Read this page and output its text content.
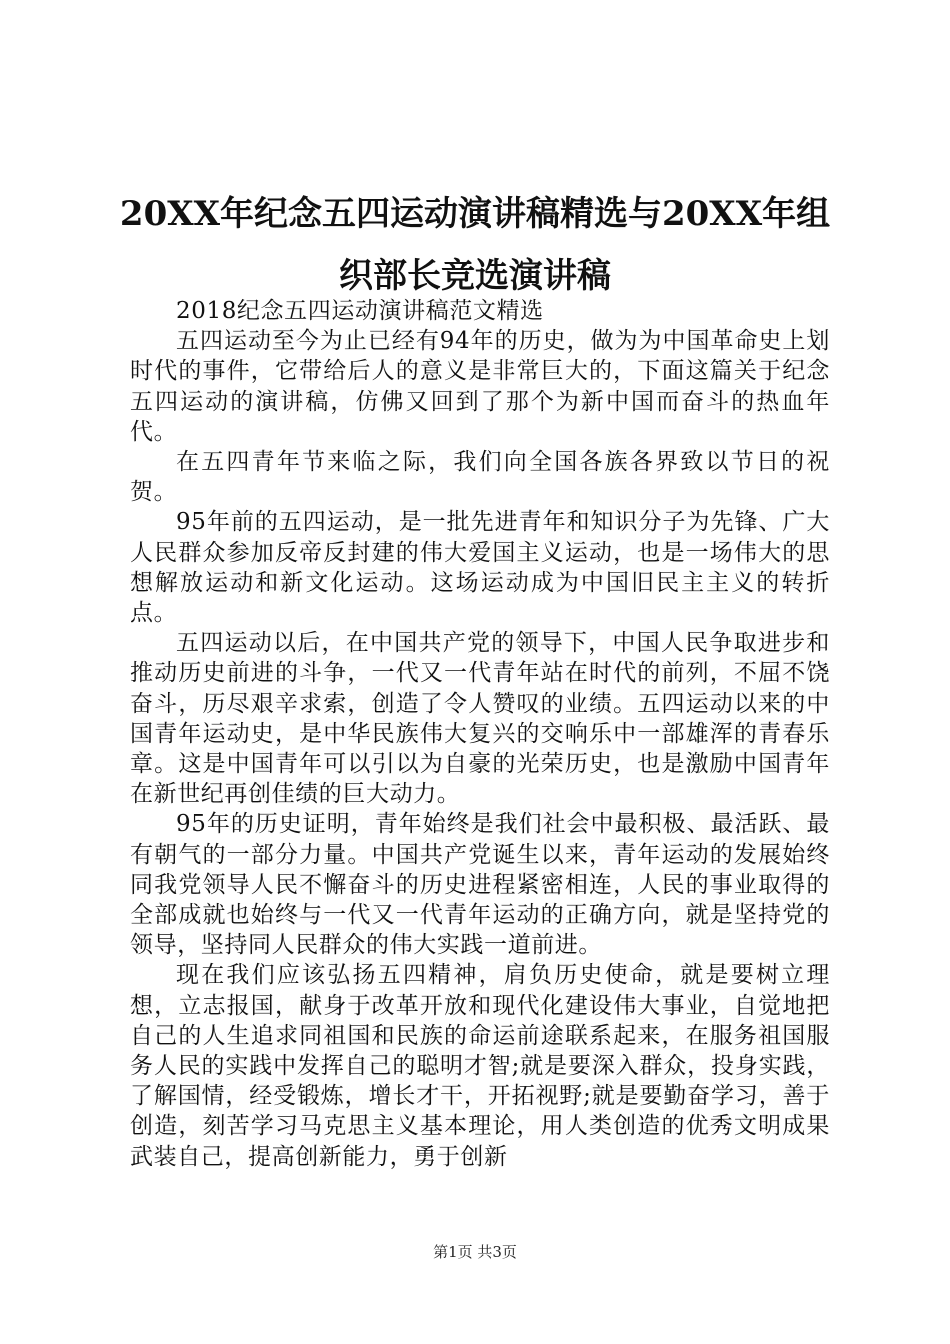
20XX年纪念五四运动演讲稿精选与20XX年组
织部长竞选演讲稿

2018纪念五四运动演讲稿范文精选

五四运动至今为止已经有94年的历史，做为为中国革命史上划时代的事件，它带给后人的意义是非常巨大的，下面这篇关于纪念五四运动的演讲稿，仿佛又回到了那个为新中国而奋斗的热血年代。

在五四青年节来临之际，我们向全国各族各界致以节日的祝贺。

95年前的五四运动，是一批先进青年和知识分子为先锋、广大人民群众参加反帝反封建的伟大爱国主义运动，也是一场伟大的思想解放运动和新文化运动。这场运动成为中国旧民主主义的转折点。

五四运动以后，在中国共产党的领导下，中国人民争取进步和推动历史前进的斗争，一代又一代青年站在时代的前列，不屈不饶奋斗，历尽艰辛求索，创造了令人赞叹的业绩。五四运动以来的中国青年运动史，是中华民族伟大复兴的交响乐中一部雄浑的青春乐章。这是中国青年可以引以为自豪的光荣历史，也是激励中国青年在新世纪再创佳绩的巨大动力。

95年的历史证明，青年始终是我们社会中最积极、最活跃、最有朝气的一部分力量。中国共产党诞生以来，青年运动的发展始终同我党领导人民不懈奋斗的历史进程紧密相连，人民的事业取得的全部成就也始终与一代又一代青年运动的正确方向，就是坚持党的领导，坚持同人民群众的伟大实践一道前进。

现在我们应该弘扬五四精神，肩负历史使命，就是要树立理想，立志报国，献身于改革开放和现代化建设伟大事业，自觉地把自己的人生追求同祖国和民族的命运前途联系起来，在服务祖国服务人民的实践中发挥自己的聪明才智;就是要深入群众，投身实践，了解国情，经受锻炼，增长才干，开拓视野;就是要勤奋学习，善于创造，刻苦学习马克思主义基本理论，用人类创造的优秀文明成果武装自己，提高创新能力，勇于创新

第1页 共3页
